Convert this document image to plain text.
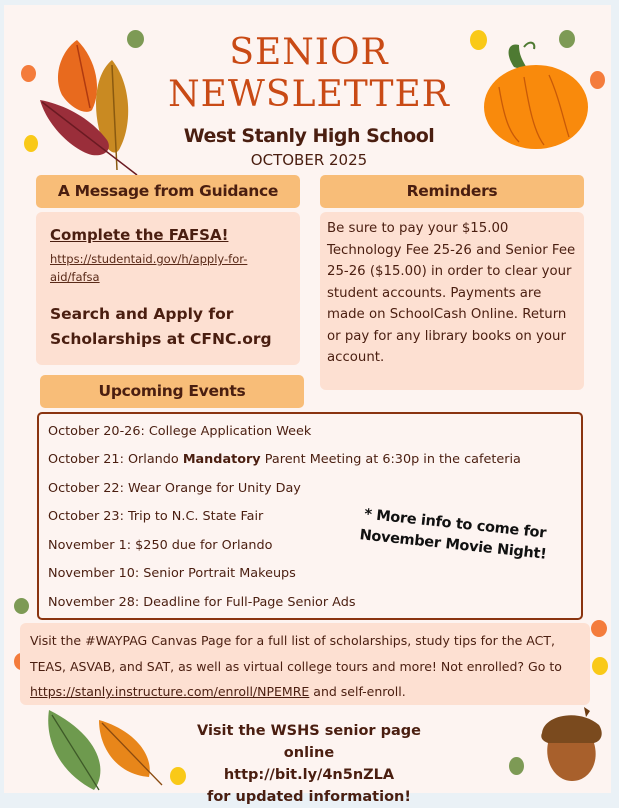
SENIOR
NEWSLETTER
West Stanly High School
OCTOBER 2025
A Message from Guidance
Complete the FAFSA!
https://studentaid.gov/h/apply-for-aid/fafsa
Search and Apply for Scholarships at CFNC.org
Reminders
Be sure to pay your $15.00 Technology Fee 25-26 and Senior Fee 25-26 ($15.00) in order to clear your student accounts. Payments are made on SchoolCash Online. Return or pay for any library books on your account.
Upcoming Events
October 20-26: College Application Week
October 21: Orlando Mandatory Parent Meeting at 6:30p in the cafeteria
October 22: Wear Orange for Unity Day
October 23: Trip to N.C. State Fair
November 1: $250 due for Orlando
November 10: Senior Portrait Makeups
November 28: Deadline for Full-Page Senior Ads
* More info to come for November Movie Night!
Visit the #WAYPAG Canvas Page for a full list of scholarships, study tips for the ACT, TEAS, ASVAB, and SAT, as well as virtual college tours and more! Not enrolled? Go to https://stanly.instructure.com/enroll/NPEMRE and self-enroll.
Visit the WSHS senior page online
http://bit.ly/4n5nZLA
for updated information!
